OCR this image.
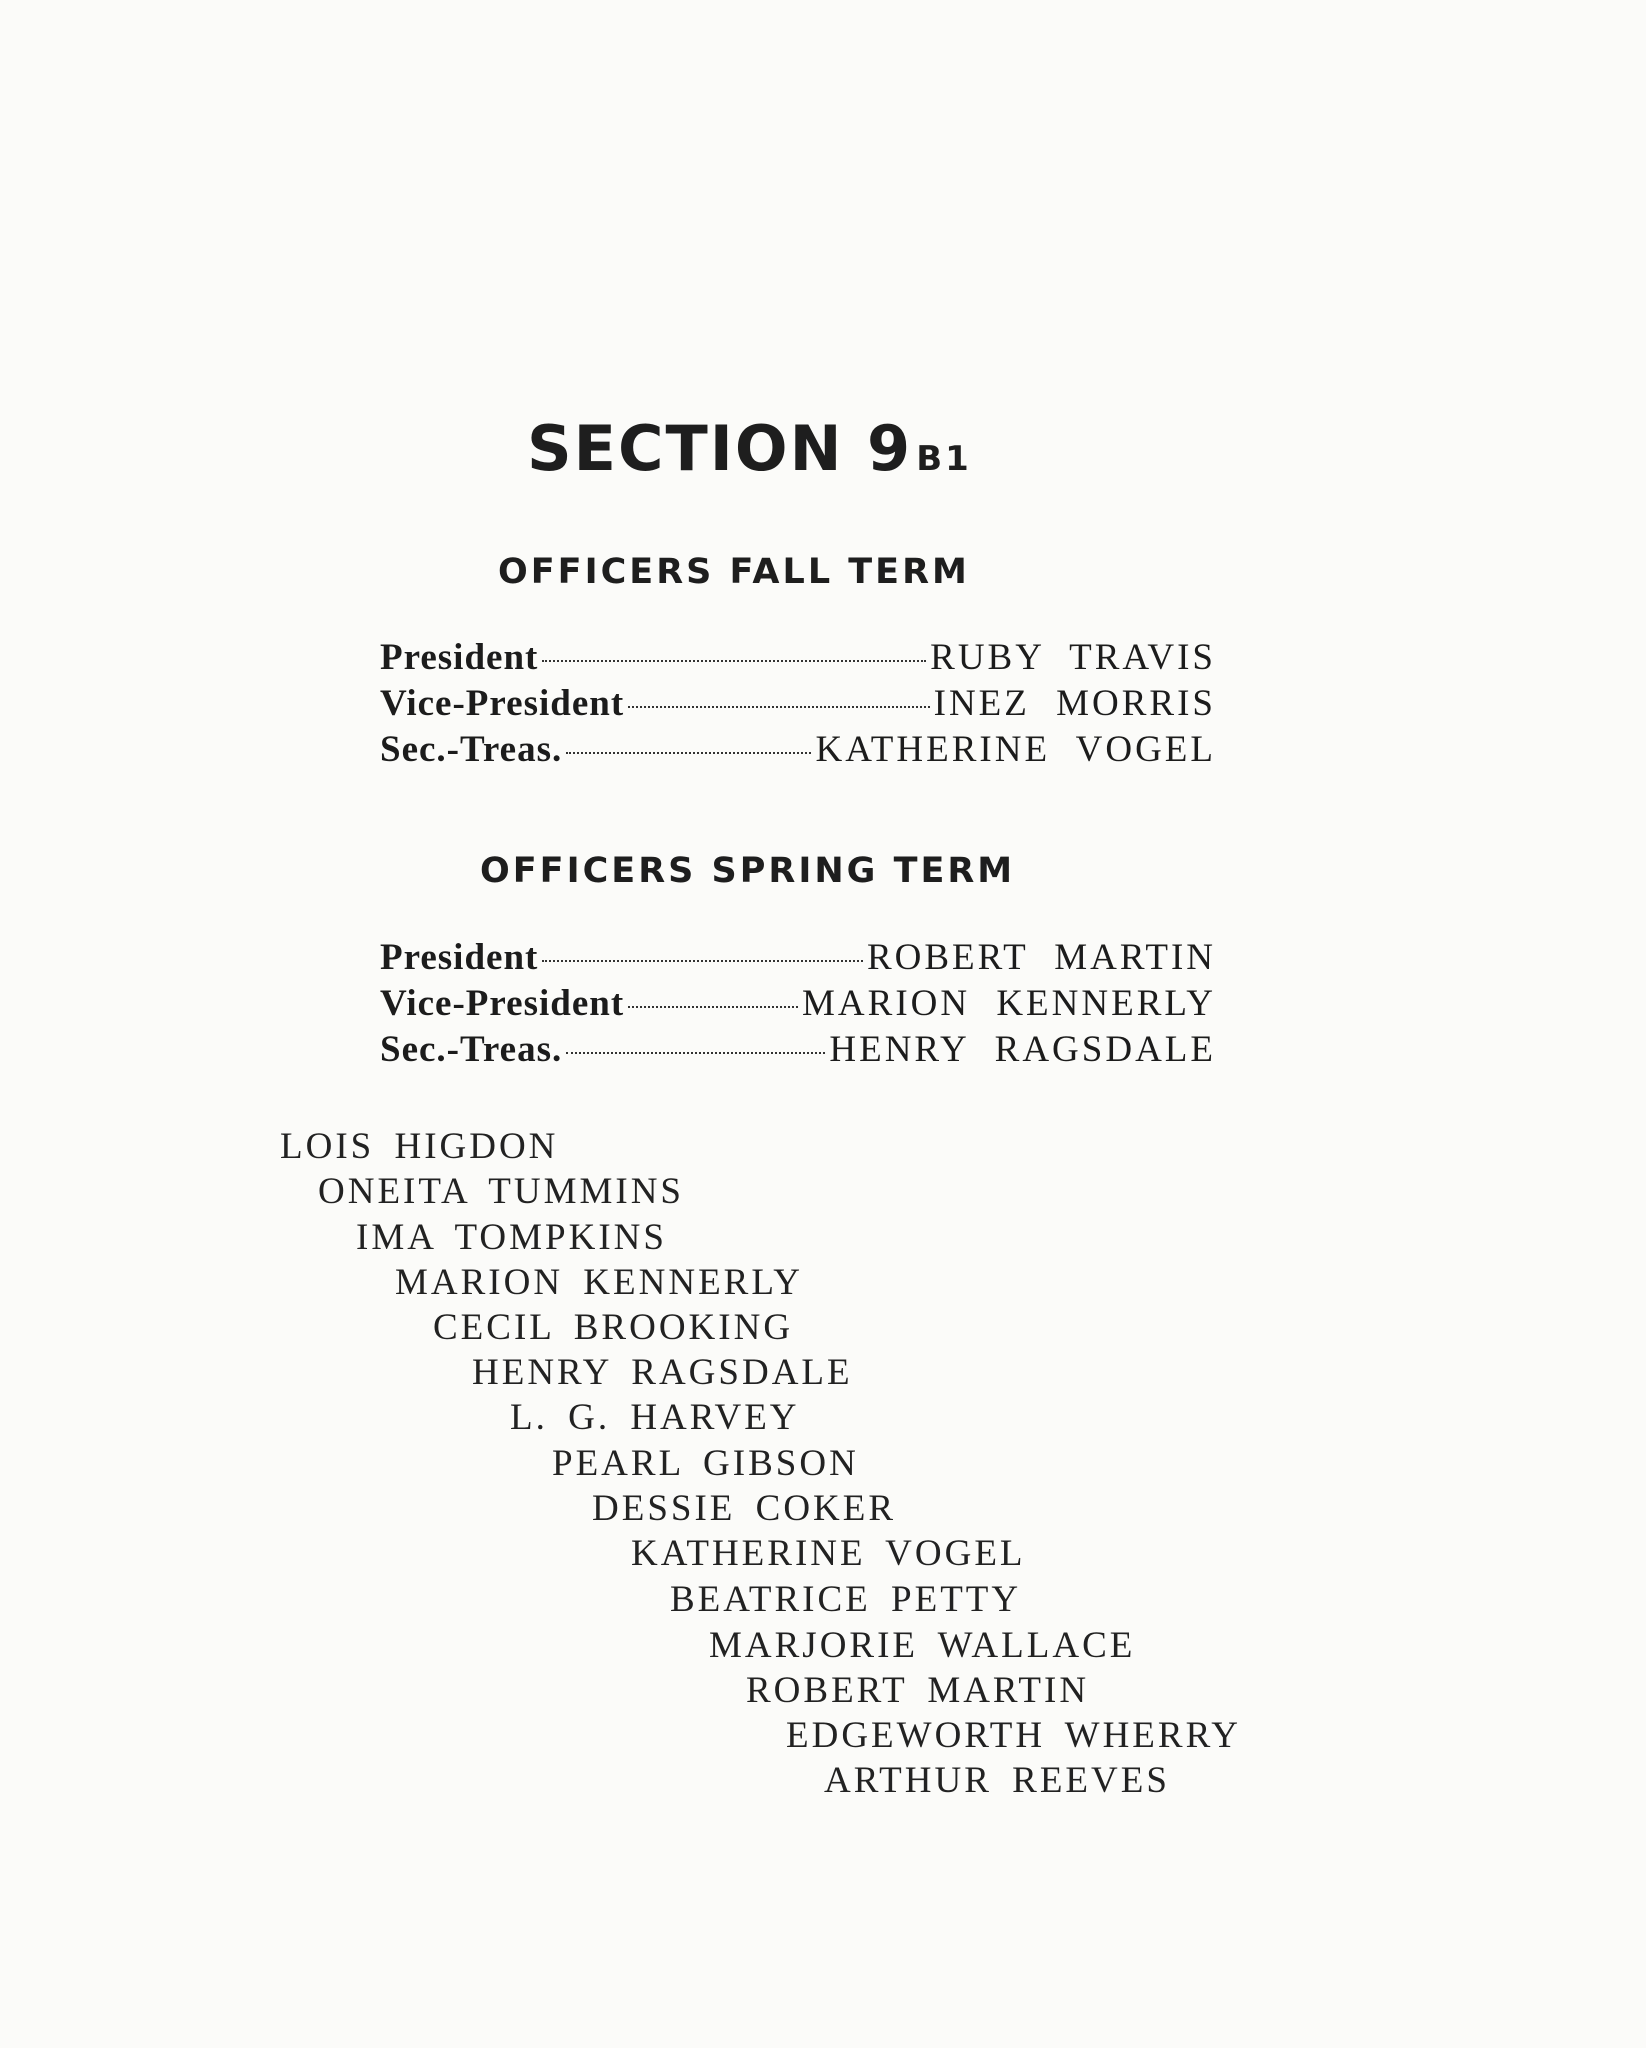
SECTION 9 B1
OFFICERS FALL TERM
President	RUBY TRAVIS
Vice-President	INEZ MORRIS
Sec.-Treas.	KATHERINE VOGEL
OFFICERS SPRING TERM
President	ROBERT MARTIN
Vice-President	MARION KENNERLY
Sec.-Treas.	HENRY RAGSDALE
LOIS HIGDON
ONEITA TUMMINS
IMA TOMPKINS
MARION KENNERLY
CECIL BROOKING
HENRY RAGSDALE
L. G. HARVEY
PEARL GIBSON
DESSIE COKER
KATHERINE VOGEL
BEATRICE PETTY
MARJORIE WALLACE
ROBERT MARTIN
EDGEWORTH WHERRY
ARTHUR REEVES
